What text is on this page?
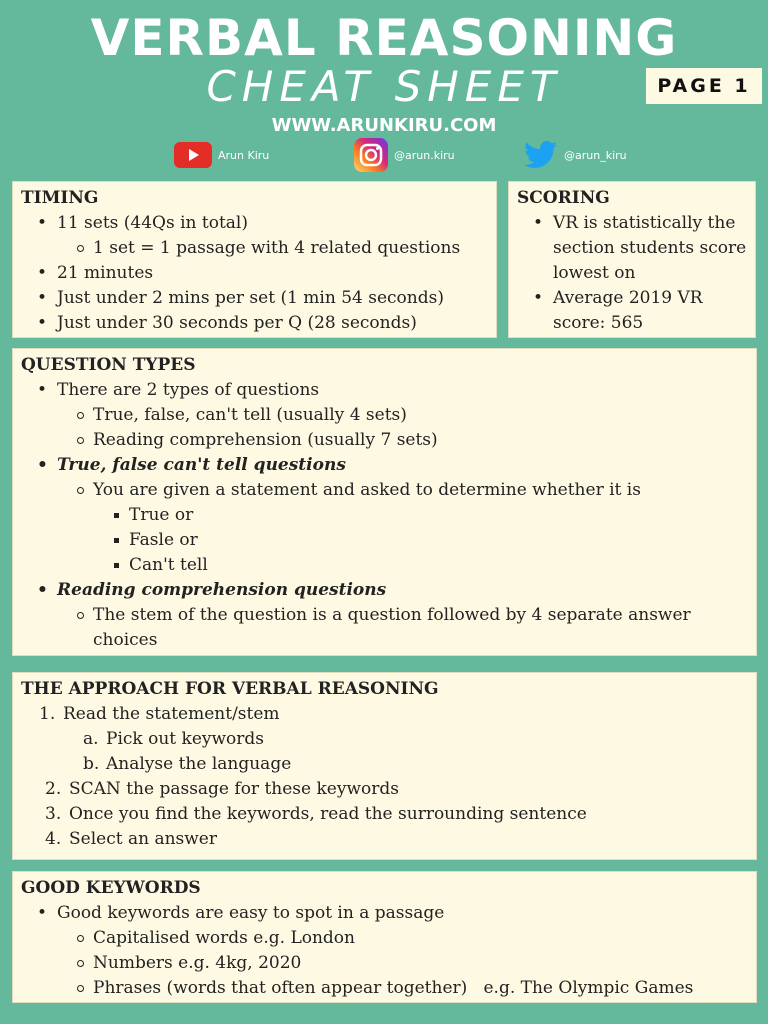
VERBAL REASONING
CHEAT SHEET	PAGE 1
WWW.ARUNKIRU.COM
Arun Kiru	@arun.kiru	@arun_kiru
TIMING
• 11 sets (44Qs in total)
1 set = 1 passage with 4 related questions
• 21 minutes
• Just under 2 mins per set (1 min 54 seconds)
• Just under 30 seconds per Q (28 seconds)
SCORING
• VR is statistically the section students score lowest on
• Average 2019 VR score: 565
QUESTION TYPES
• There are 2 types of questions
True, false, can't tell (usually 4 sets)
Reading comprehension (usually 7 sets)
• True, false can't tell questions
You are given a statement and asked to determine whether it is
True or
Fasle or
Can't tell
• Reading comprehension questions
The stem of the question is a question followed by 4 separate answer choices
THE APPROACH FOR VERBAL REASONING
1. Read the statement/stem
a. Pick out keywords
b. Analyse the language
2. SCAN the passage for these keywords
3. Once you find the keywords, read the surrounding sentence
4. Select an answer
GOOD KEYWORDS
• Good keywords are easy to spot in a passage
Capitalised words e.g. London
Numbers e.g. 4kg, 2020
Phrases (words that often appear together)   e.g. The Olympic Games
